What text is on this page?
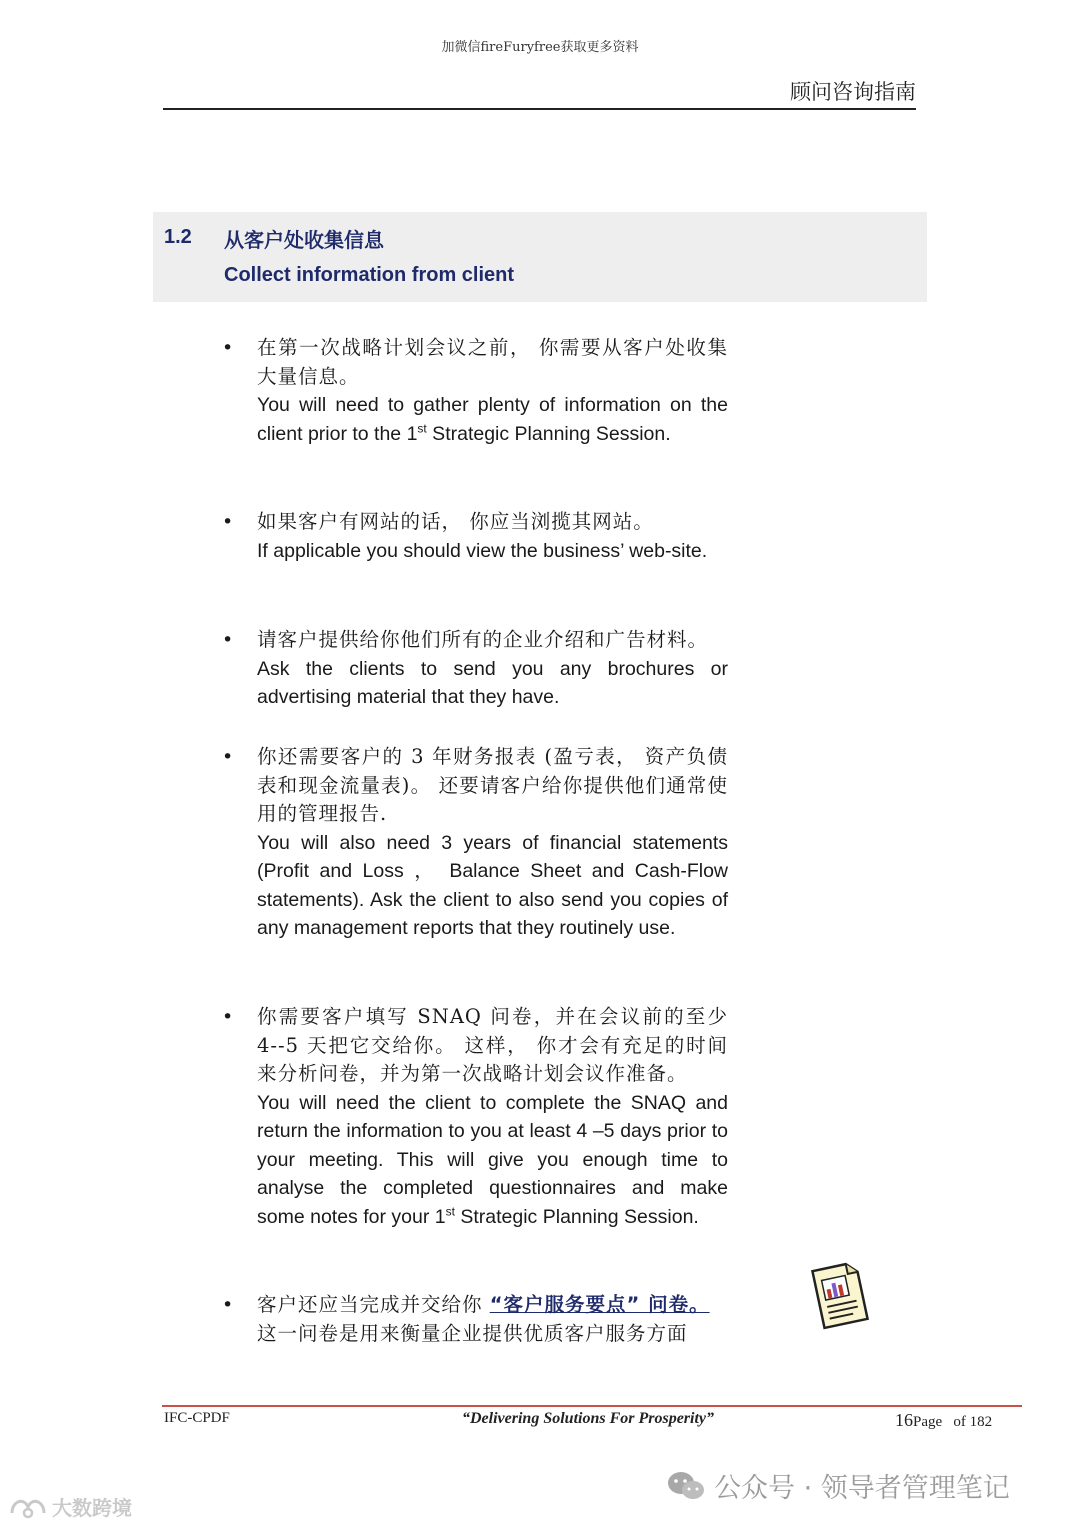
加微信fireFuryfree获取更多资料
顾问咨询指南
1.2 从客户处收集信息
Collect information from client
• 在第一次战略计划会议之前， 你需要从客户处收集大量信息。

You will need to gather plenty of information on the client prior to the 1st Strategic Planning Session.

• 如果客户有网站的话， 你应当浏揽其网站。

If applicable you should view the business’ web-site.

• 请客户提供给你他们所有的企业介绍和广告材料。

Ask the clients to send you any brochures or advertising material that they have.

• 你还需要客户的 3 年财务报表 (盈亏表， 资产负债表和现金流量表)。 还要请客户给你提供他们通常使用的管理报告.

You will also need 3 years of financial statements (Profit and Loss ， Balance Sheet and Cash-Flow statements). Ask the client to also send you copies of any management reports that they routinely use.

• 你需要客户填写 SNAQ 问卷，并在会议前的至少 4--5 天把它交给你。 这样， 你才会有充足的时间来分析问卷，并为第一次战略计划会议作准备。

You will need the client to complete the SNAQ and return the information to you at least 4 –5 days prior to your meeting. This will give you enough time to analyse the completed questionnaires and make some notes for your 1st Strategic Planning Session.

• 客户还应当完成并交给你 “客户服务要点” 问卷。
这一问卷是用来衡量企业提供优质客户服务方面

IFC-CPDF	“Delivering Solutions For Prosperity”	16Page of 182
公众号 · 领导者管理笔记
大数跨境
